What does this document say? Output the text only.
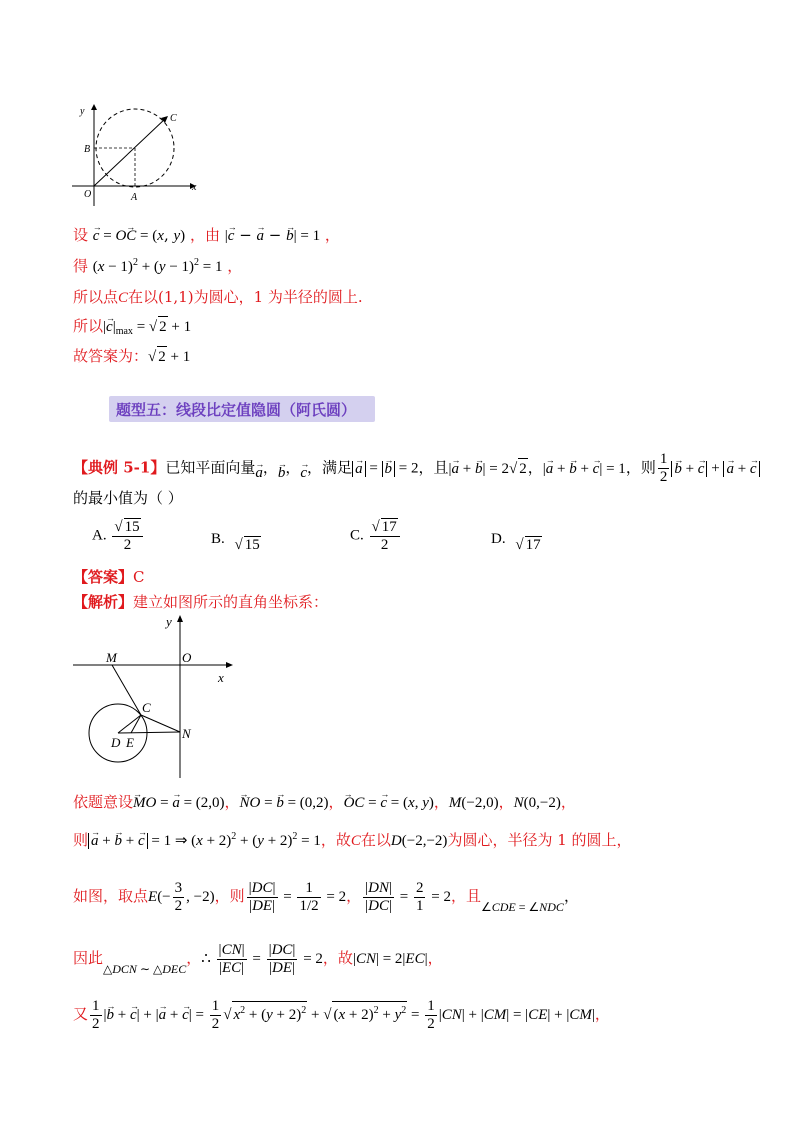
y
x
O	A
B
C
设 → c = O→ C = (x, y) ，由 |→ c − → a − → b| = 1 ，
得 $(x - 1)^2 + (y - 1)^2 = 1$ ，
所以点C在以(1,1)为圆心，1 为半径的圆上.
所以|→ $c|_{max}$ = √ 2 + 1
故答案为：√ 2 + 1
题型五：线段比定值隐圆（阿氏圆）
【典例 5-1】已知平面向量→ a，→ b，→ c，满足→ a = → b = 2，且|→ a + → b| = 2√ 2，|→ a + → b + → c| = 1，则 $\frac{1}{2}$
→ b + → c + → a + → c
的最小值为（ ）
A. $\frac{√ 15}{2}$	B. √ 15
C. $\frac{√ 17}{2}$	D. √ 17
【答案】C
【解析】建立如图所示的直角坐标系：
y
x
M	O
C
N
D E
依题意设→ MO = → a = (2,0)，→ NO = → b = (0,2)，→ OC = → c = (x, y)，M(−2,0)，N(0,−2)，
则→ a + → b + → c = 1 ⇒ $(x + 2)^2 + (y + 2)^2 = 1$，故C在以D(−2,−2)为圆心，半径为 1 的圆上，
如图，取点$E(- \frac{3}{2}$ , −2)，则 $\frac{|DC|}{|DE|} = \frac{1}{1/2} = 2$， $\frac{|DN|}{|DC|} = \frac{2}{1} = 2$，且$_{\angle CDE = \angle NDC}$，
因此$_{\triangle DCN \sim \triangle DEC}$，∴ $\frac{|CN|}{|EC|} = \frac{|DC|}{|DE|} = 2$，故|CN| = 2|EC|，
又 $\frac{1}{2}$ |→ b + → c| + |→ a + → $c| = \frac{1}{2}$ √ $x^2 + (y + 2)^2$ + √ $(x + 2)^2 + y^2 = \frac{1}{2} |CN| + |CM| = |CE| + |CM|$，
